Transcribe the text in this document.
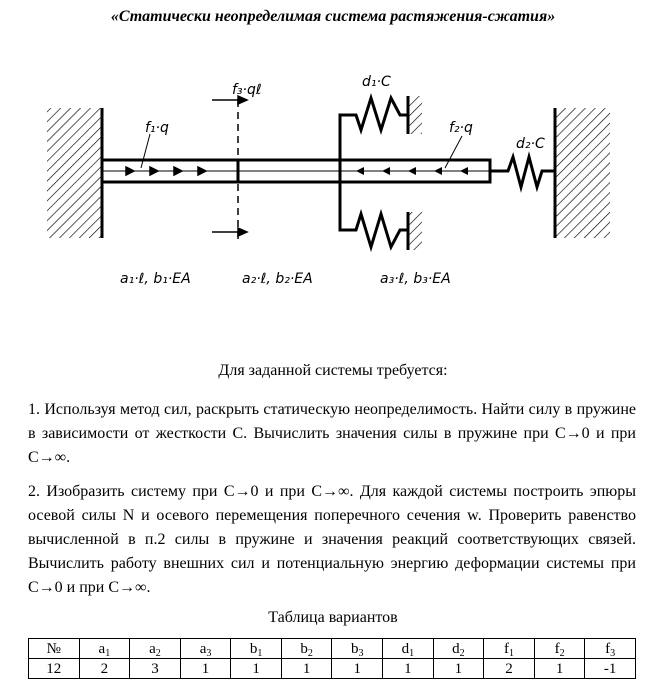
«Статически неопределимая система растяжения-сжатия»
f₃·qℓ	d₁·C
f₁·q	f₂·q
d₂·C
a₁·ℓ, b₁·EA	a₂·ℓ, b₂·EA	a₃·ℓ, b₃·EA
Для заданной системы требуется:
1. Используя метод сил, раскрыть статическую неопределимость. Найти силу в пружине в зависимости от жесткости C. Вычислить значения силы в пружине при C→0 и при C→∞.
2. Изобразить систему при C→0 и при C→∞. Для каждой системы построить эпюры осевой силы N и осевого перемещения поперечного сечения w. Проверить равенство вычисленной в п.2 силы в пружине и значения реакций соответствующих связей. Вычислить работу внешних сил и потенциальную энергию деформации системы при C→0 и при C→∞.
Таблица вариантов
№	$a_1$	$a_2$	$a_3$	$b_1$	$b_2$	$b_3$	$d_1$	$d_2$	$f_1$	$f_2$	$f_3$
12	2	3	1	1	1	1	1	1	2	1	-1
